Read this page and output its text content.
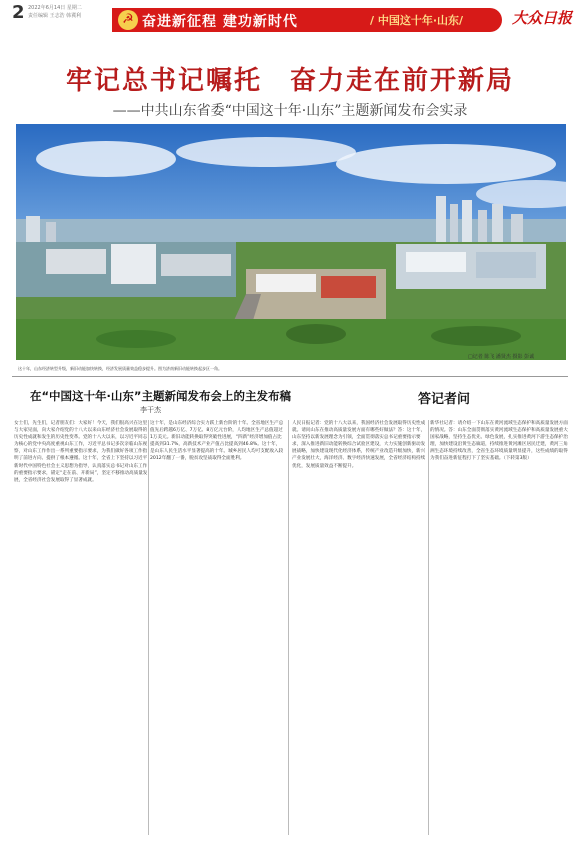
2 2022年6月14日 星期二
责任编辑 王志浩 韩冀利	☭ 奋进新征程 建功新时代	/ 中国这十年·山东/	大众日报
牢记总书记嘱托　奋力走在前开新局
——中共山东省委“中国这十年·山东”主题新闻发布会实录
□记者 陈飞 潘贤杰 摄影 彭诚
这十年，山东经济转型升级，新旧动能加快转换，经济发展质量效益稳步提升。图为济南新旧动能转换起步区一角。
在“中国这十年·山东”主题新闻发布会上的主发布稿
李干杰
答记者问
女士们，先生们，记者朋友们：大家好！今天，我们很高兴在这里与大家见面，向大家介绍党的十八大以来山东经济社会发展取得的历史性成就和发生的历史性变革。党的十八大以来，以习近平同志为核心的党中央高度重视山东工作，习近平总书记多次亲临山东视察，对山东工作作出一系列重要指示要求，为我们做好各项工作指明了前进方向、提供了根本遵循。这十年，全省上下坚持以习近平新时代中国特色社会主义思想为指导，认真落实总书记对山东工作的重要指示要求，锚定“走在前、开新局”，坚定不移推动高质量发展，全省经济社会发展取得了显著成就。
这十年，是山东经济综合实力跃上新台阶的十年。全省地区生产总值先后跨越6万亿、7万亿、8万亿元台阶，人均地区生产总值超过1万美元。新旧动能转换取得突破性进展，“四新”经济增加值占比提高到31.7%，高新技术产业产值占比提高到46.8%。这十年，是山东人民生活水平显著提高的十年。城乡居民人均可支配收入较2012年翻了一番，脱贫攻坚战取得全面胜利。
人民日报记者：党的十八大以来，我国经济社会发展取得历史性成就。请问山东在推动高质量发展方面有哪些好做法？答：这十年，山东坚持以新发展理念为引领，全面贯彻落实总书记重要指示要求，深入推进新旧动能转换综合试验区建设，大力实施创新驱动发展战略，加快建设现代化经济体系，传统产业改造升级加快，新兴产业发展壮大，海洋经济、数字经济快速发展，全省经济结构持续优化，发展质量效益不断提升。
新华社记者：请介绍一下山东在黄河流域生态保护和高质量发展方面的情况。答：山东全面贯彻落实黄河流域生态保护和高质量发展重大国家战略，坚持生态优先、绿色发展，扎实推进黄河下游生态保护治理，加快建设沿黄生态廊道，持续推进黄河滩区居民迁建，黄河三角洲生态环境持续改善，全省生态环境质量明显提升，这些成绩的取得为我们奋进新征程打下了坚实基础。（下转第3版）
